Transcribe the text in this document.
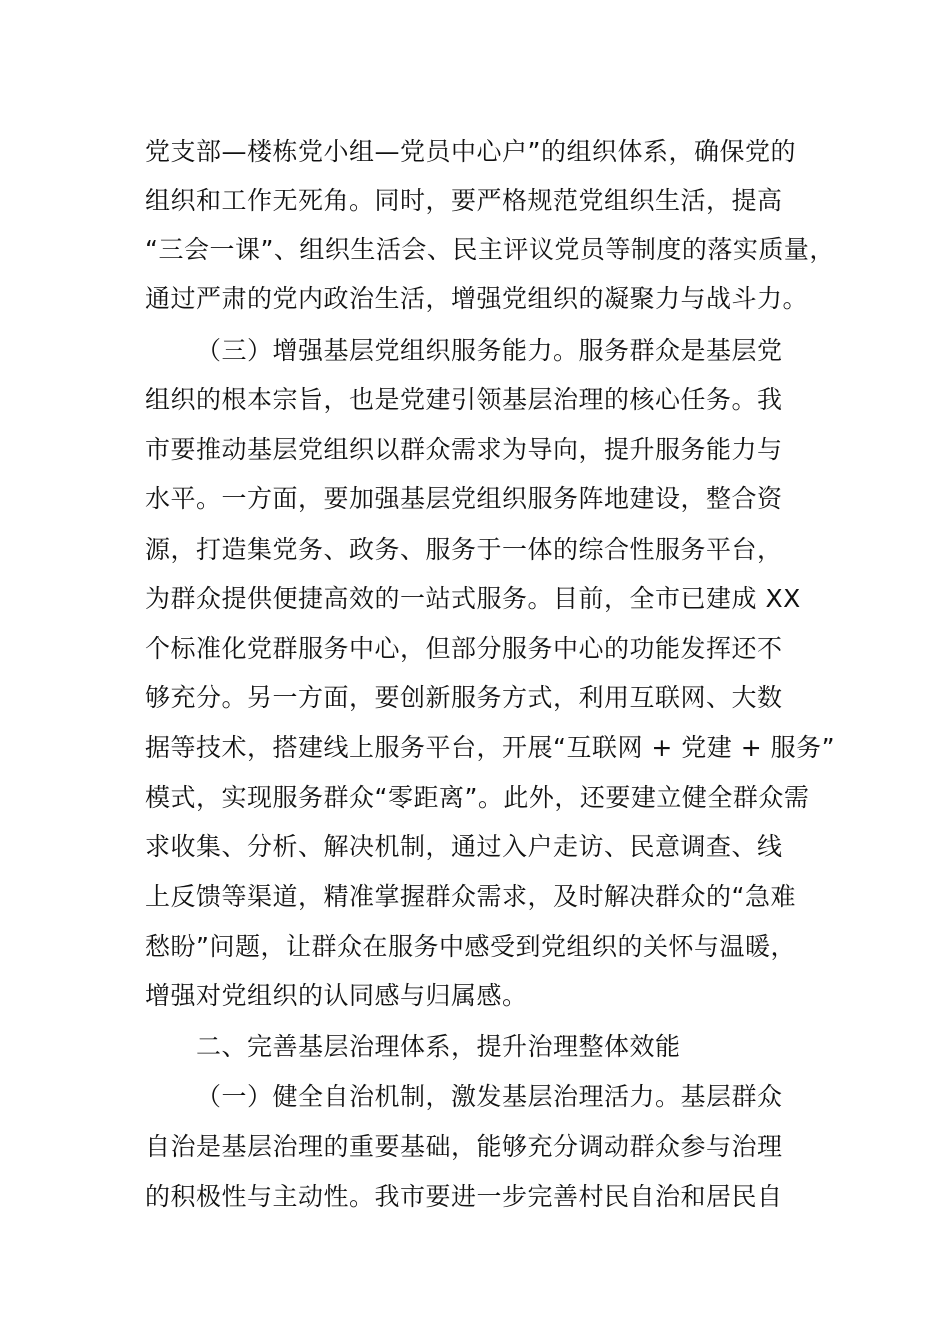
党支部—楼栋党小组—党员中心户”的组织体系，确保党的
组织和工作无死角。同时，要严格规范党组织生活，提高
“三会一课”、组织生活会、民主评议党员等制度的落实质量，
通过严肃的党内政治生活，增强党组织的凝聚力与战斗力。
（三）增强基层党组织服务能力。服务群众是基层党
组织的根本宗旨，也是党建引领基层治理的核心任务。我
市要推动基层党组织以群众需求为导向，提升服务能力与
水平。一方面，要加强基层党组织服务阵地建设，整合资
源，打造集党务、政务、服务于一体的综合性服务平台，
为群众提供便捷高效的一站式服务。目前，全市已建成 XX
个标准化党群服务中心，但部分服务中心的功能发挥还不
够充分。另一方面，要创新服务方式，利用互联网、大数
据等技术，搭建线上服务平台，开展“互联网 + 党建 + 服务”
模式，实现服务群众“零距离”。此外，还要建立健全群众需
求收集、分析、解决机制，通过入户走访、民意调查、线
上反馈等渠道，精准掌握群众需求，及时解决群众的“急难
愁盼”问题，让群众在服务中感受到党组织的关怀与温暖，
增强对党组织的认同感与归属感。
二、完善基层治理体系，提升治理整体效能
（一）健全自治机制，激发基层治理活力。基层群众
自治是基层治理的重要基础，能够充分调动群众参与治理
的积极性与主动性。我市要进一步完善村民自治和居民自
